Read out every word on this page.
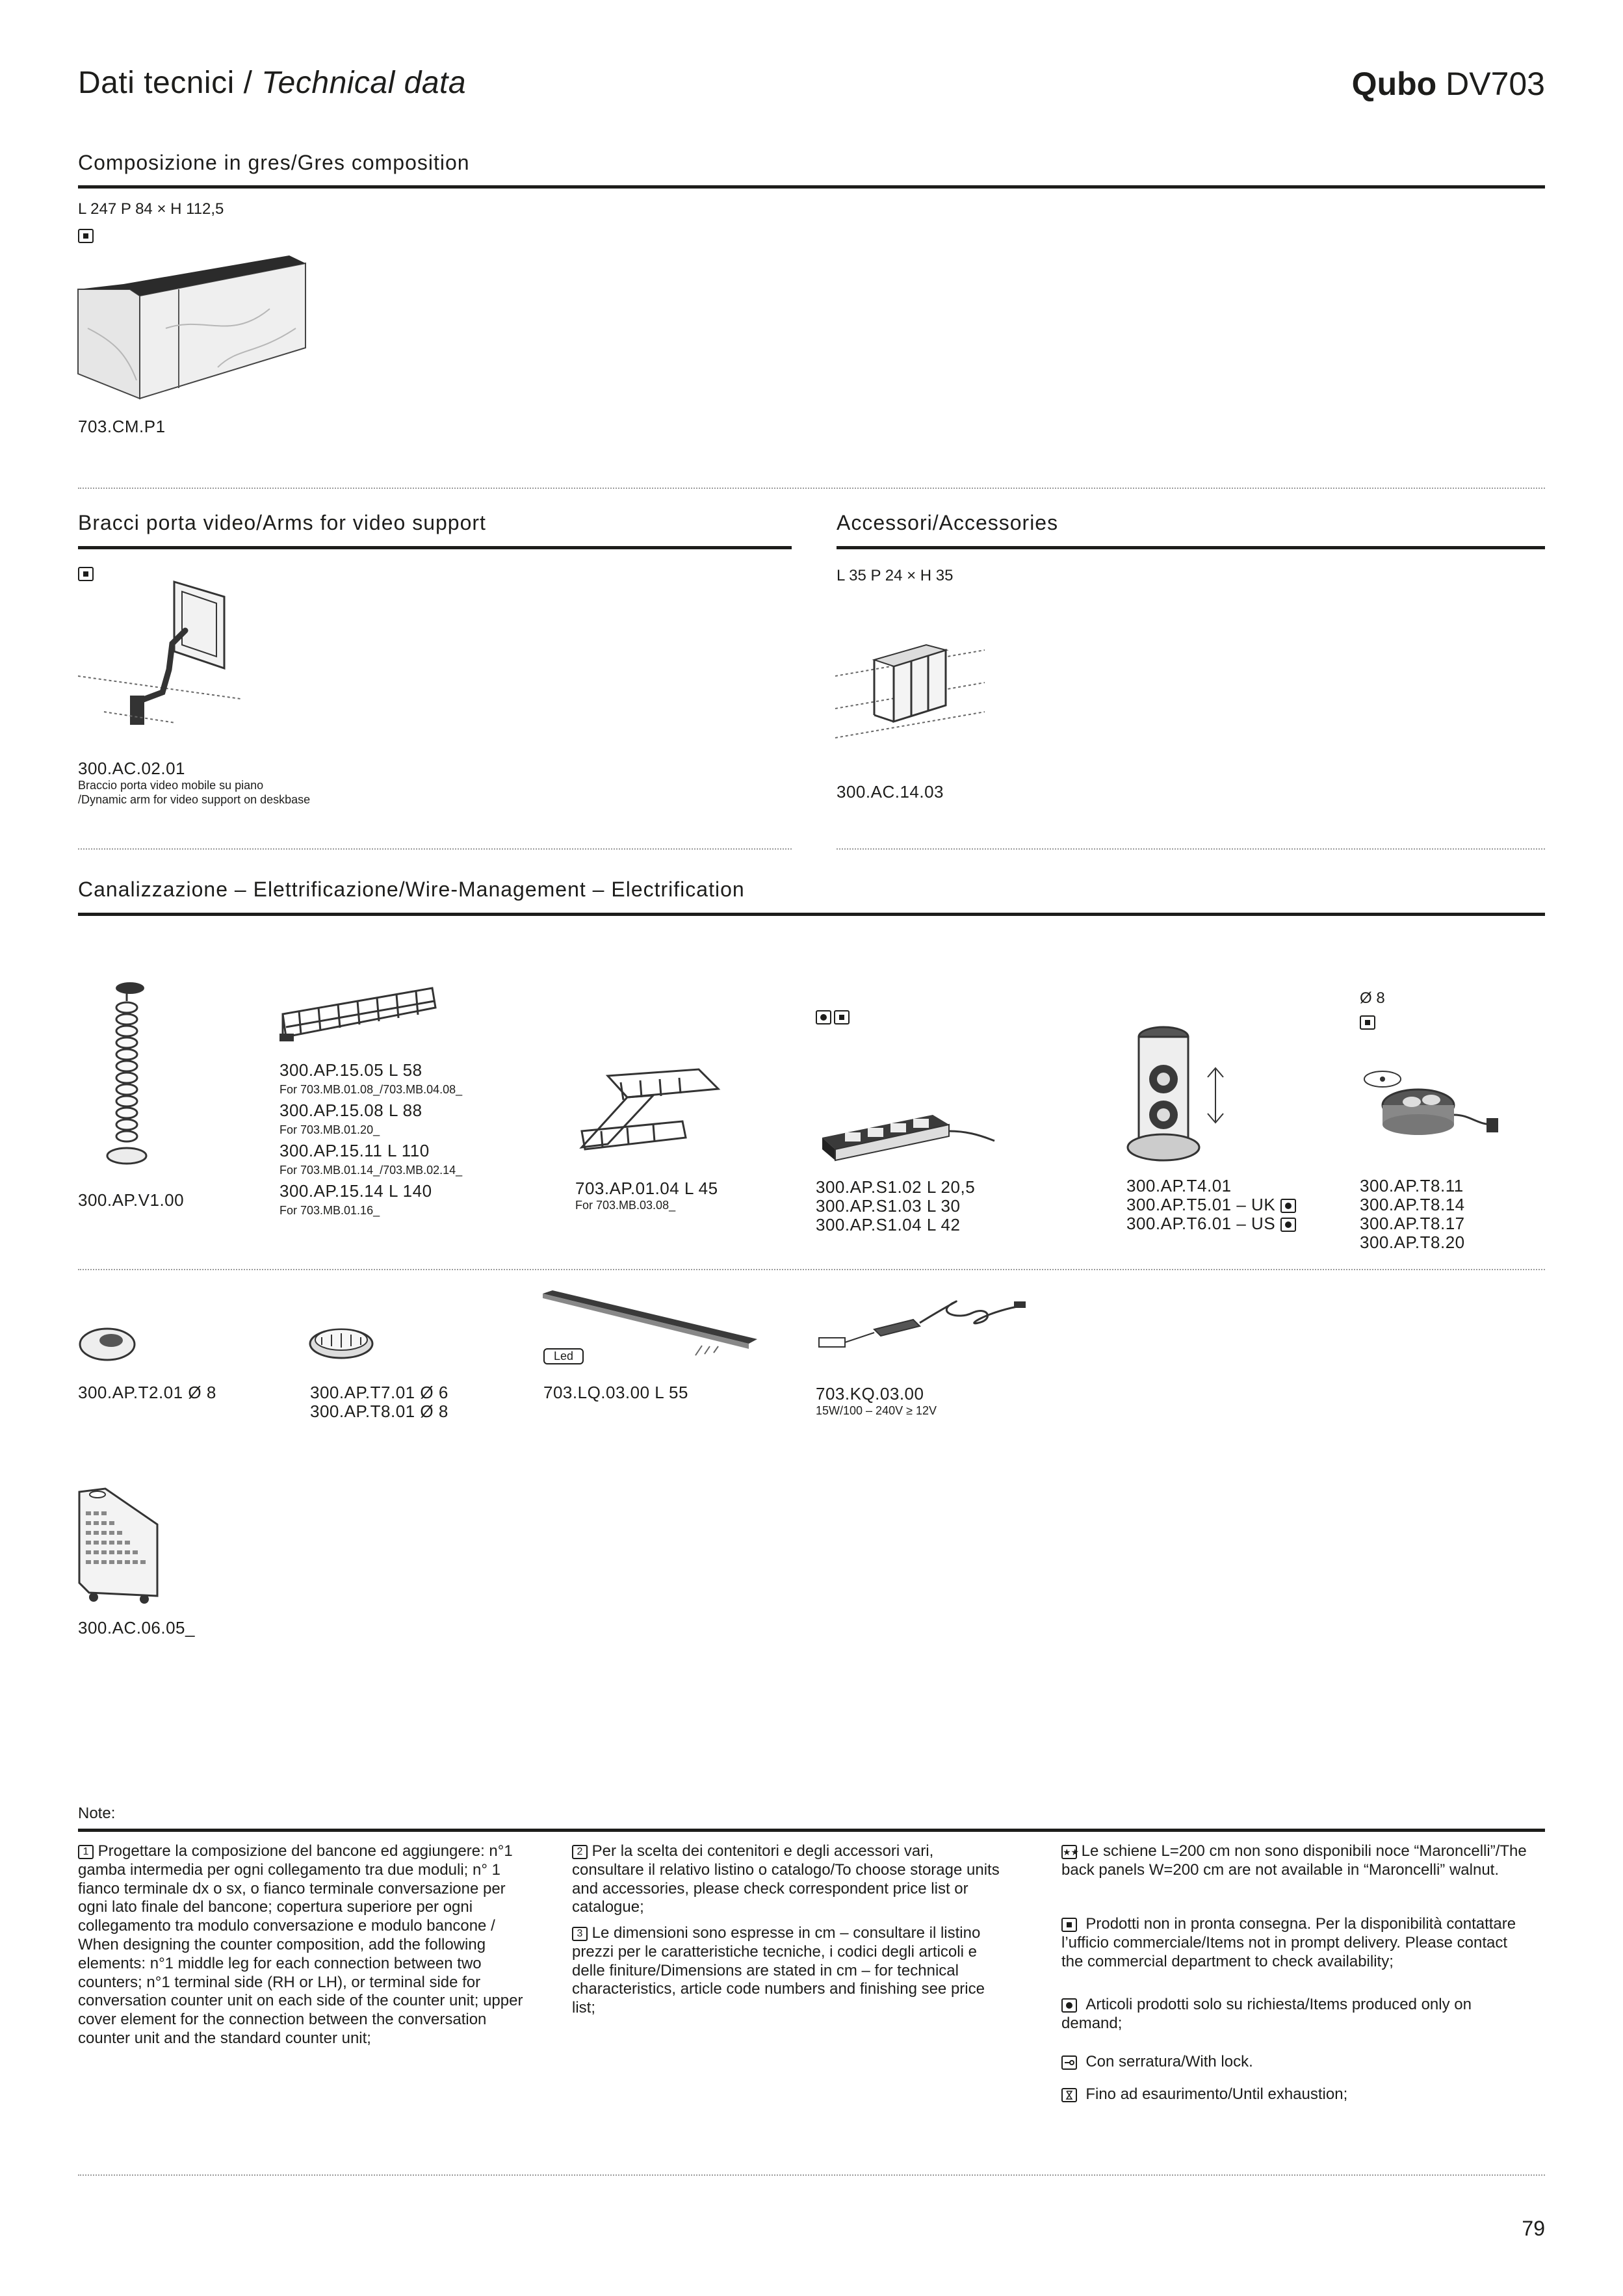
Dati tecnici / Technical data	Qubo DV703
Composizione in gres/Gres composition
L 247 P 84 × H 112,5
703.CM.P1
Bracci porta video/Arms for video support
300.AC.02.01
Braccio porta video mobile su piano
/Dynamic arm for video support on deskbase
Accessori/Accessories
L 35 P 24 × H 35
300.AC.14.03
Canalizzazione – Elettrificazione/Wire-Management – Electrification
300.AP.V1.00
300.AP.15.05 L 58
For 703.MB.01.08_/703.MB.04.08_
300.AP.15.08 L 88
For 703.MB.01.20_
300.AP.15.11 L 110
For 703.MB.01.14_/703.MB.02.14_
300.AP.15.14 L 140
For 703.MB.01.16_
703.AP.01.04 L 45
For 703.MB.03.08_

300.AP.S1.02 L 20,5
300.AP.S1.03 L 30
300.AP.S1.04 L 42
300.AP.T4.01
300.AP.T5.01 – UK
300.AP.T6.01 – US
Ø 8
300.AP.T8.11
300.AP.T8.14
300.AP.T8.17
300.AP.T8.20
300.AP.T2.01 Ø 8	300.AP.T7.01 Ø 6
300.AP.T8.01 Ø 8
Led
703.LQ.03.00 L 55	703.KQ.03.00
15W/100 – 240V ≥ 12V
300.AC.06.05_
Note:

1 Progettare la composizione del bancone ed aggiungere: n°1 gamba intermedia per ogni collegamento tra due moduli; n° 1 fianco terminale dx o sx, o fianco terminale conversazione per ogni lato finale del bancone; copertura superiore per ogni collegamento tra modulo conversazione e modulo bancone / When designing the counter composition, add the following elements: n°1 middle leg for each connection between two counters; n°1 terminal side (RH or LH), or terminal side for conversation counter unit on each side of the counter unit; upper cover element for the connection between the conversation counter unit and the standard counter unit;

2 Per la scelta dei contenitori e degli accessori vari, consultare il relativo listino o catalogo/To choose storage units and accessories, please check correspondent price list or catalogue;

3 Le dimensioni sono espresse in cm – consultare il listino prezzi per le caratteristiche tecniche, i codici degli articoli e delle finiture/Dimensions are stated in cm – for technical characteristics, article code numbers and finishing see price list;

★★ Le schiene L=200 cm non sono disponibili noce “Maroncelli”/The back panels W=200 cm are not available in “Maroncelli” walnut.

Prodotti non in pronta consegna. Per la disponibilità contattare l’ufficio commerciale/Items not in prompt delivery. Please contact the commercial department to check availability;

Articoli prodotti solo su richiesta/Items produced only on demand;

Con serratura/With lock.

Fino ad esaurimento/Until exhaustion;

79
